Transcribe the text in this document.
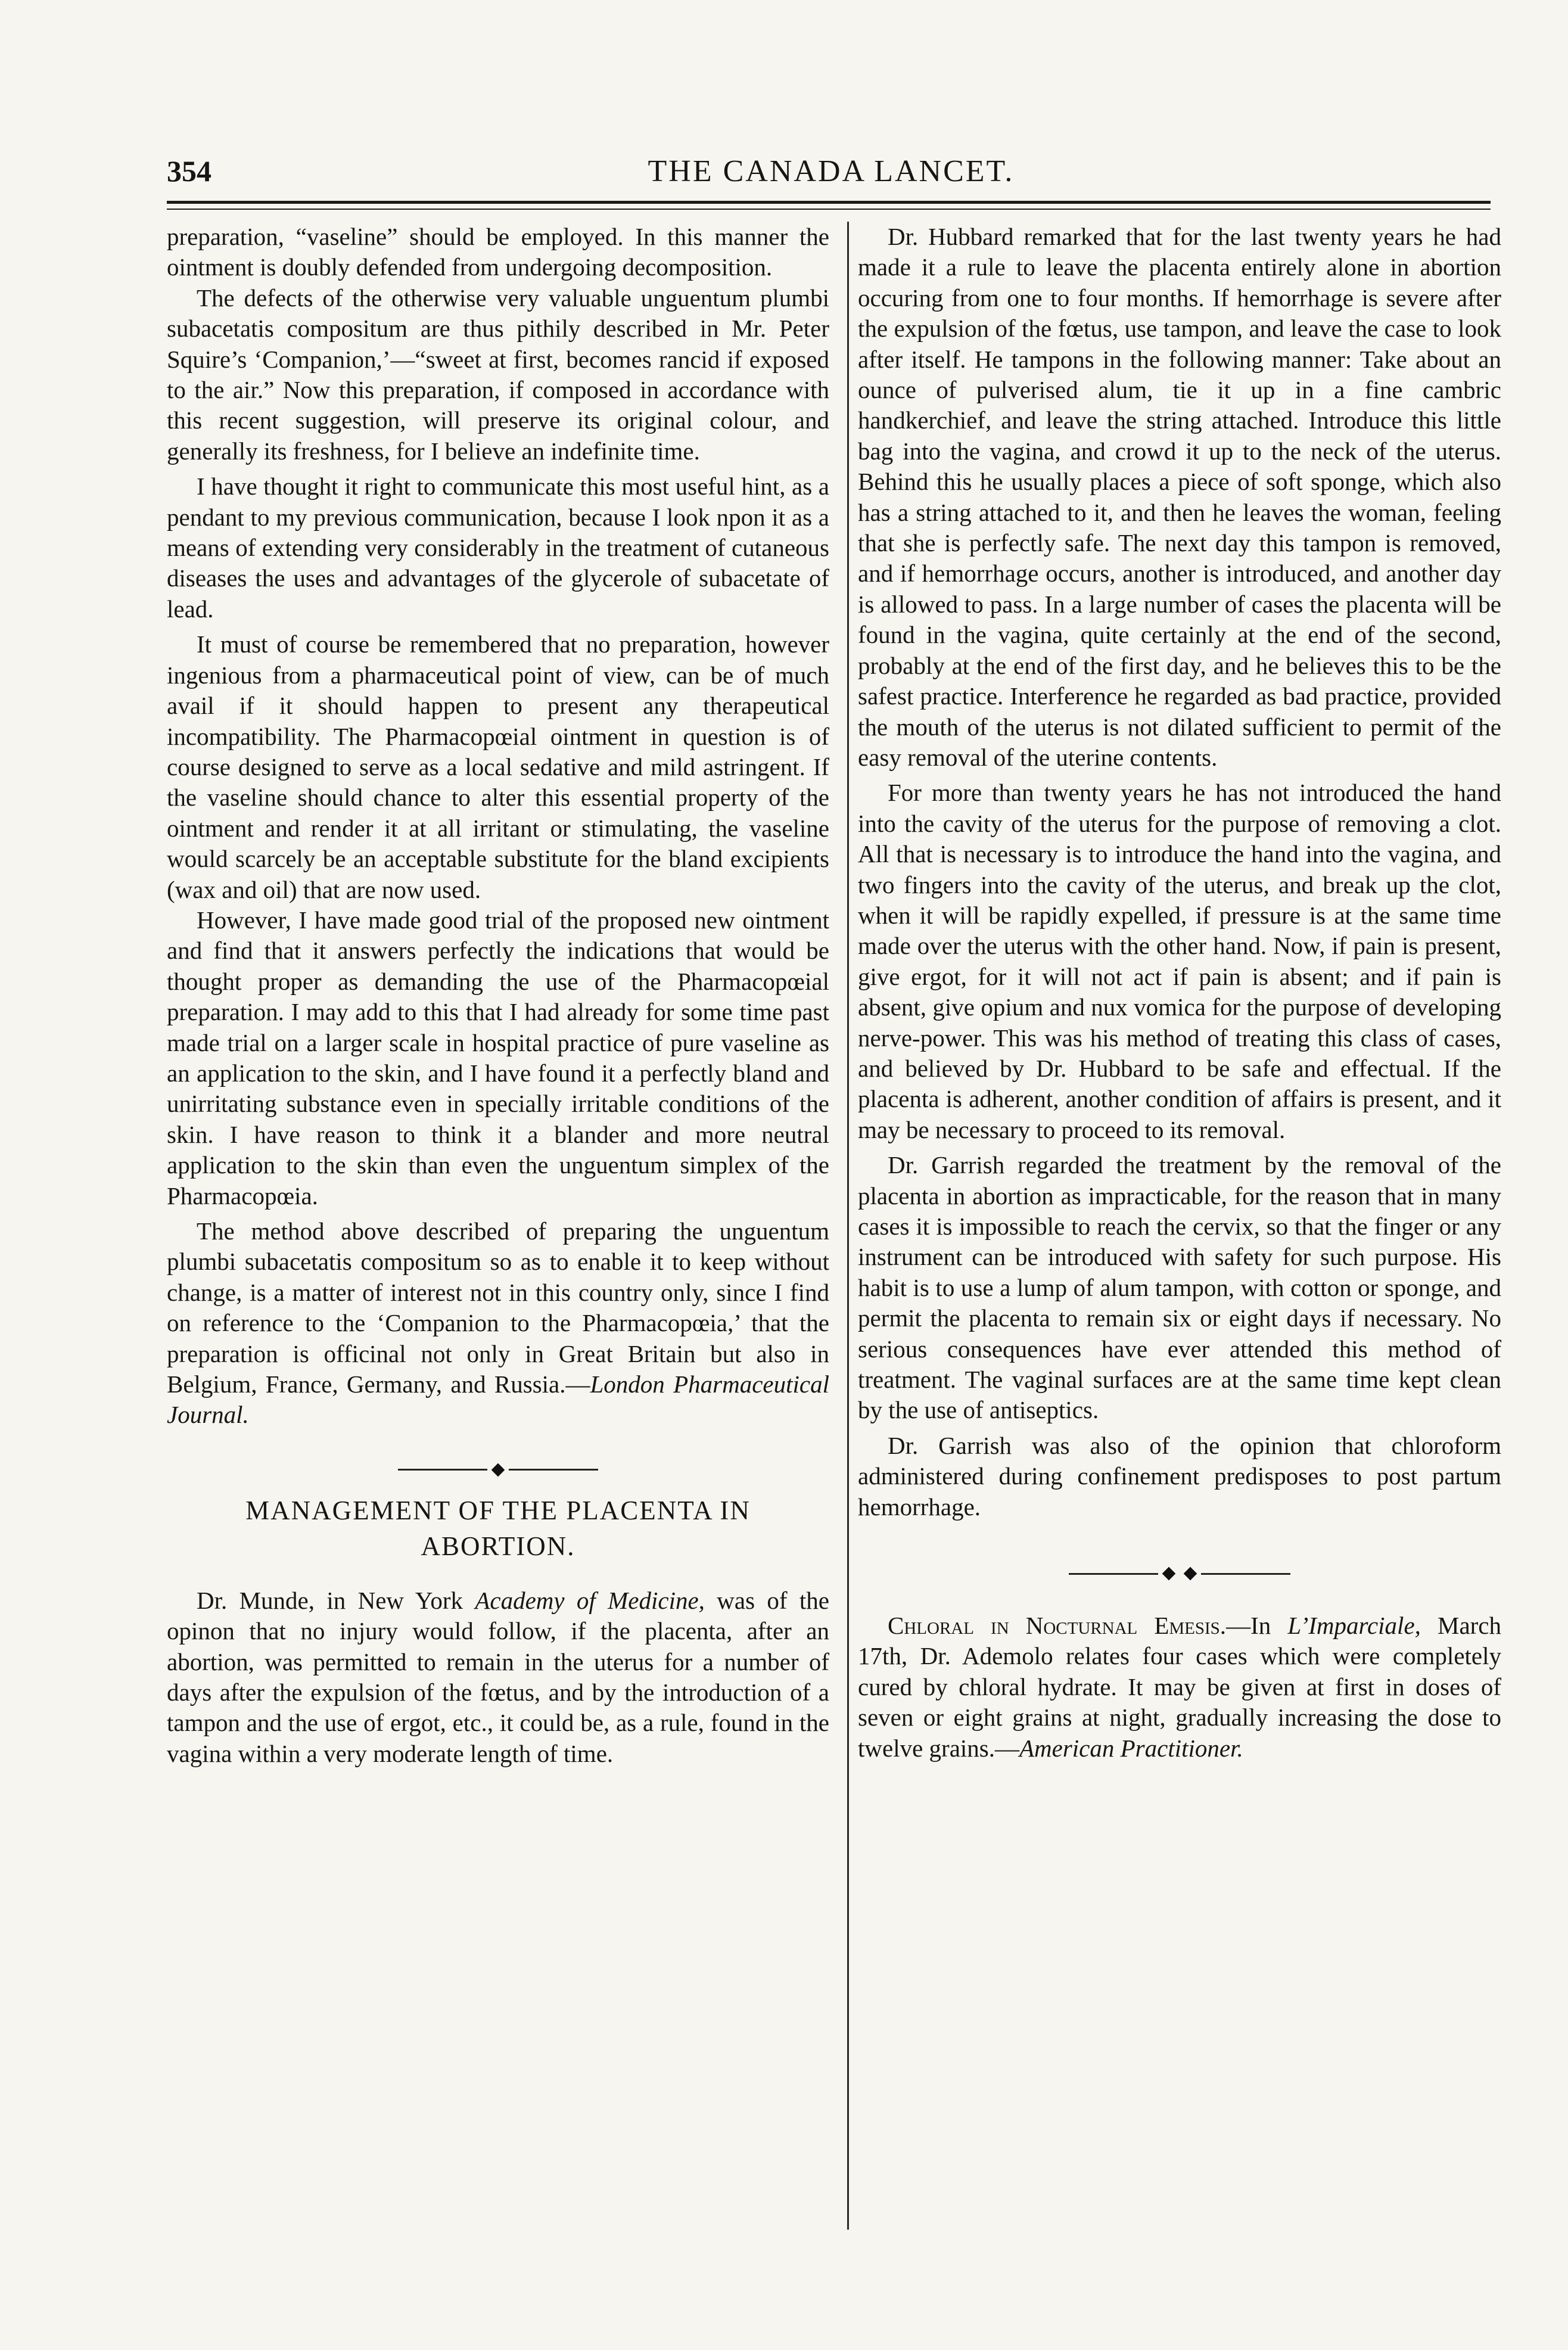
354	THE CANADA LANCET.

preparation, “vaseline” should be employed. In this manner the ointment is doubly defended from undergoing decomposition.

The defects of the otherwise very valuable unguentum plumbi subacetatis compositum are thus pithily described in Mr. Peter Squire’s ‘Companion,’—“sweet at first, becomes rancid if exposed to the air.” Now this preparation, if composed in accordance with this recent suggestion, will preserve its original colour, and generally its freshness, for I believe an indefinite time.

I have thought it right to communicate this most useful hint, as a pendant to my previous communication, because I look npon it as a means of extending very considerably in the treatment of cutaneous diseases the uses and advantages of the glycerole of subacetate of lead.

It must of course be remembered that no preparation, however ingenious from a pharmaceutical point of view, can be of much avail if it should happen to present any therapeutical incompatibility. The Pharmacopœial ointment in question is of course designed to serve as a local sedative and mild astringent. If the vaseline should chance to alter this essential property of the ointment and render it at all irritant or stimulating, the vaseline would scarcely be an acceptable substitute for the bland excipients (wax and oil) that are now used.

However, I have made good trial of the proposed new ointment and find that it answers perfectly the indications that would be thought proper as demanding the use of the Pharmacopœial preparation. I may add to this that I had already for some time past made trial on a larger scale in hospital practice of pure vaseline as an application to the skin, and I have found it a perfectly bland and unirritating substance even in specially irritable conditions of the skin. I have reason to think it a blander and more neutral application to the skin than even the unguentum simplex of the Pharmacopœia.

The method above described of preparing the unguentum plumbi subacetatis compositum so as to enable it to keep without change, is a matter of interest not in this country only, since I find on reference to the ‘Companion to the Pharmacopœia,’ that the preparation is officinal not only in Great Britain but also in Belgium, France, Germany, and Russia.—London Pharmaceutical Journal.

MANAGEMENT OF THE PLACENTA IN ABORTION.

Dr. Munde, in New York Academy of Medicine, was of the opinon that no injury would follow, if the placenta, after an abortion, was permitted to remain in the uterus for a number of days after the expulsion of the fœtus, and by the introduction of a tampon and the use of ergot, etc., it could be, as a rule, found in the vagina within a very moderate length of time.

Dr. Hubbard remarked that for the last twenty years he had made it a rule to leave the placenta entirely alone in abortion occuring from one to four months. If hemorrhage is severe after the expulsion of the fœtus, use tampon, and leave the case to look after itself. He tampons in the following manner: Take about an ounce of pulverised alum, tie it up in a fine cambric handkerchief, and leave the string attached. Introduce this little bag into the vagina, and crowd it up to the neck of the uterus. Behind this he usually places a piece of soft sponge, which also has a string attached to it, and then he leaves the woman, feeling that she is perfectly safe. The next day this tampon is removed, and if hemorrhage occurs, another is introduced, and another day is allowed to pass. In a large number of cases the placenta will be found in the vagina, quite certainly at the end of the second, probably at the end of the first day, and he believes this to be the safest practice. Interference he regarded as bad practice, provided the mouth of the uterus is not dilated sufficient to permit of the easy removal of the uterine contents.

For more than twenty years he has not introduced the hand into the cavity of the uterus for the purpose of removing a clot. All that is necessary is to introduce the hand into the vagina, and two fingers into the cavity of the uterus, and break up the clot, when it will be rapidly expelled, if pressure is at the same time made over the uterus with the other hand. Now, if pain is present, give ergot, for it will not act if pain is absent; and if pain is absent, give opium and nux vomica for the purpose of developing nerve-power. This was his method of treating this class of cases, and believed by Dr. Hubbard to be safe and effectual. If the placenta is adherent, another condition of affairs is present, and it may be necessary to proceed to its removal.

Dr. Garrish regarded the treatment by the removal of the placenta in abortion as impracticable, for the reason that in many cases it is impossible to reach the cervix, so that the finger or any instrument can be introduced with safety for such purpose. His habit is to use a lump of alum tampon, with cotton or sponge, and permit the placenta to remain six or eight days if necessary. No serious consequences have ever attended this method of treatment. The vaginal surfaces are at the same time kept clean by the use of antiseptics.

Dr. Garrish was also of the opinion that chloroform administered during confinement predisposes to post partum hemorrhage.

Chloral in Nocturnal Emesis.—In L’Imparciale, March 17th, Dr. Ademolo relates four cases which were completely cured by chloral hydrate. It may be given at first in doses of seven or eight grains at night, gradually increasing the dose to twelve grains.—American Practitioner.
